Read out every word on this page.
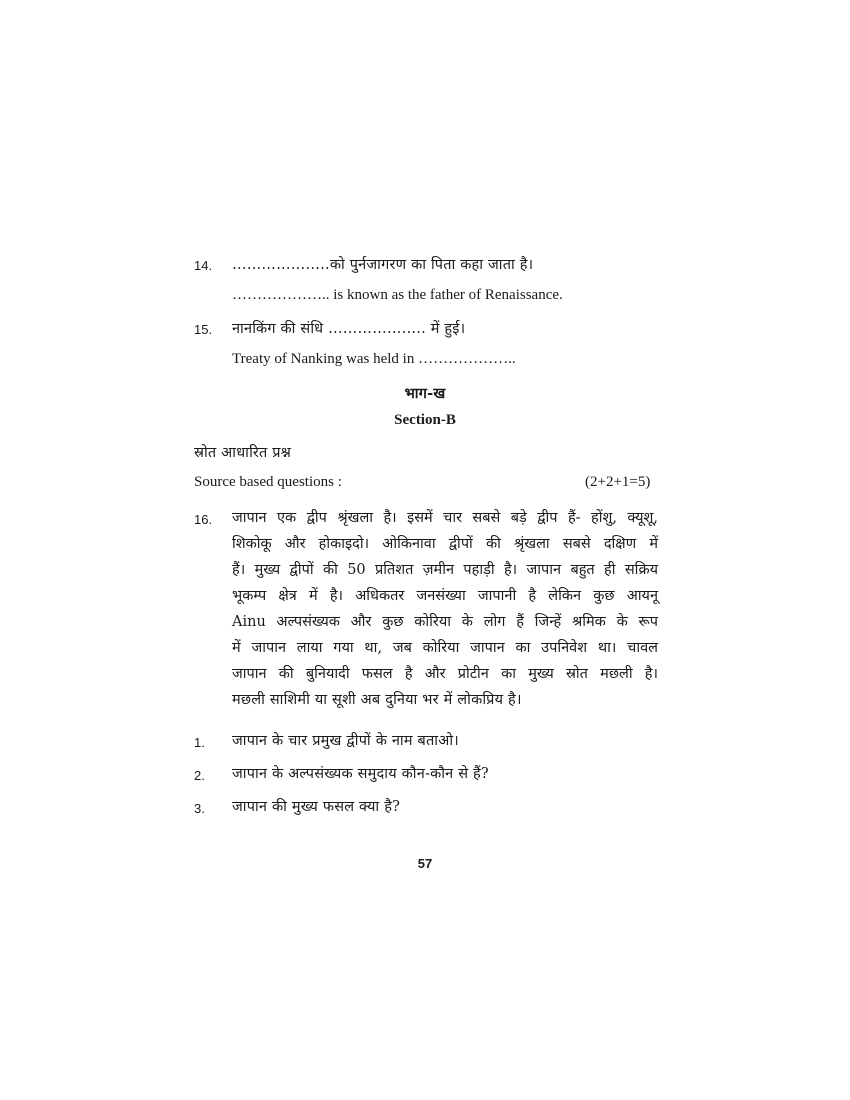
14. ………………..को पुर्नजागरण का पिता कहा जाता है।
……………….. is known as the father of Renaissance.
15. नानकिंग की संधि ……………….. में हुई।
Treaty of Nanking was held in ………………..
भाग-ख
Section-B
स्रोत आधारित प्रश्न
Source based questions :	(2+2+1=5)
16. जापान एक द्वीप श्रृंखला है। इसमें चार सबसे बड़े द्वीप हैं- होंशु, क्यूशू,
शिकोकू और होकाइदो। ओकिनावा द्वीपों की श्रृंखला सबसे दक्षिण में
हैं। मुख्य द्वीपों की 50 प्रतिशत ज़मीन पहाड़ी है। जापान बहुत ही सक्रिय
भूकम्प क्षेत्र में है। अधिकतर जनसंख्या जापानी है लेकिन कुछ आयनू
Ainu अल्पसंख्यक और कुछ कोरिया के लोग हैं जिन्हें श्रमिक के रूप
में जापान लाया गया था, जब कोरिया जापान का उपनिवेश था। चावल
जापान की बुनियादी फसल है और प्रोटीन का मुख्य स्रोत मछली है।
मछली साशिमी या सूशी अब दुनिया भर में लोकप्रिय है।
1. जापान के चार प्रमुख द्वीपों के नाम बताओ।
2. जापान के अल्पसंख्यक समुदाय कौन-कौन से हैं?
3. जापान की मुख्य फसल क्या है?
57
